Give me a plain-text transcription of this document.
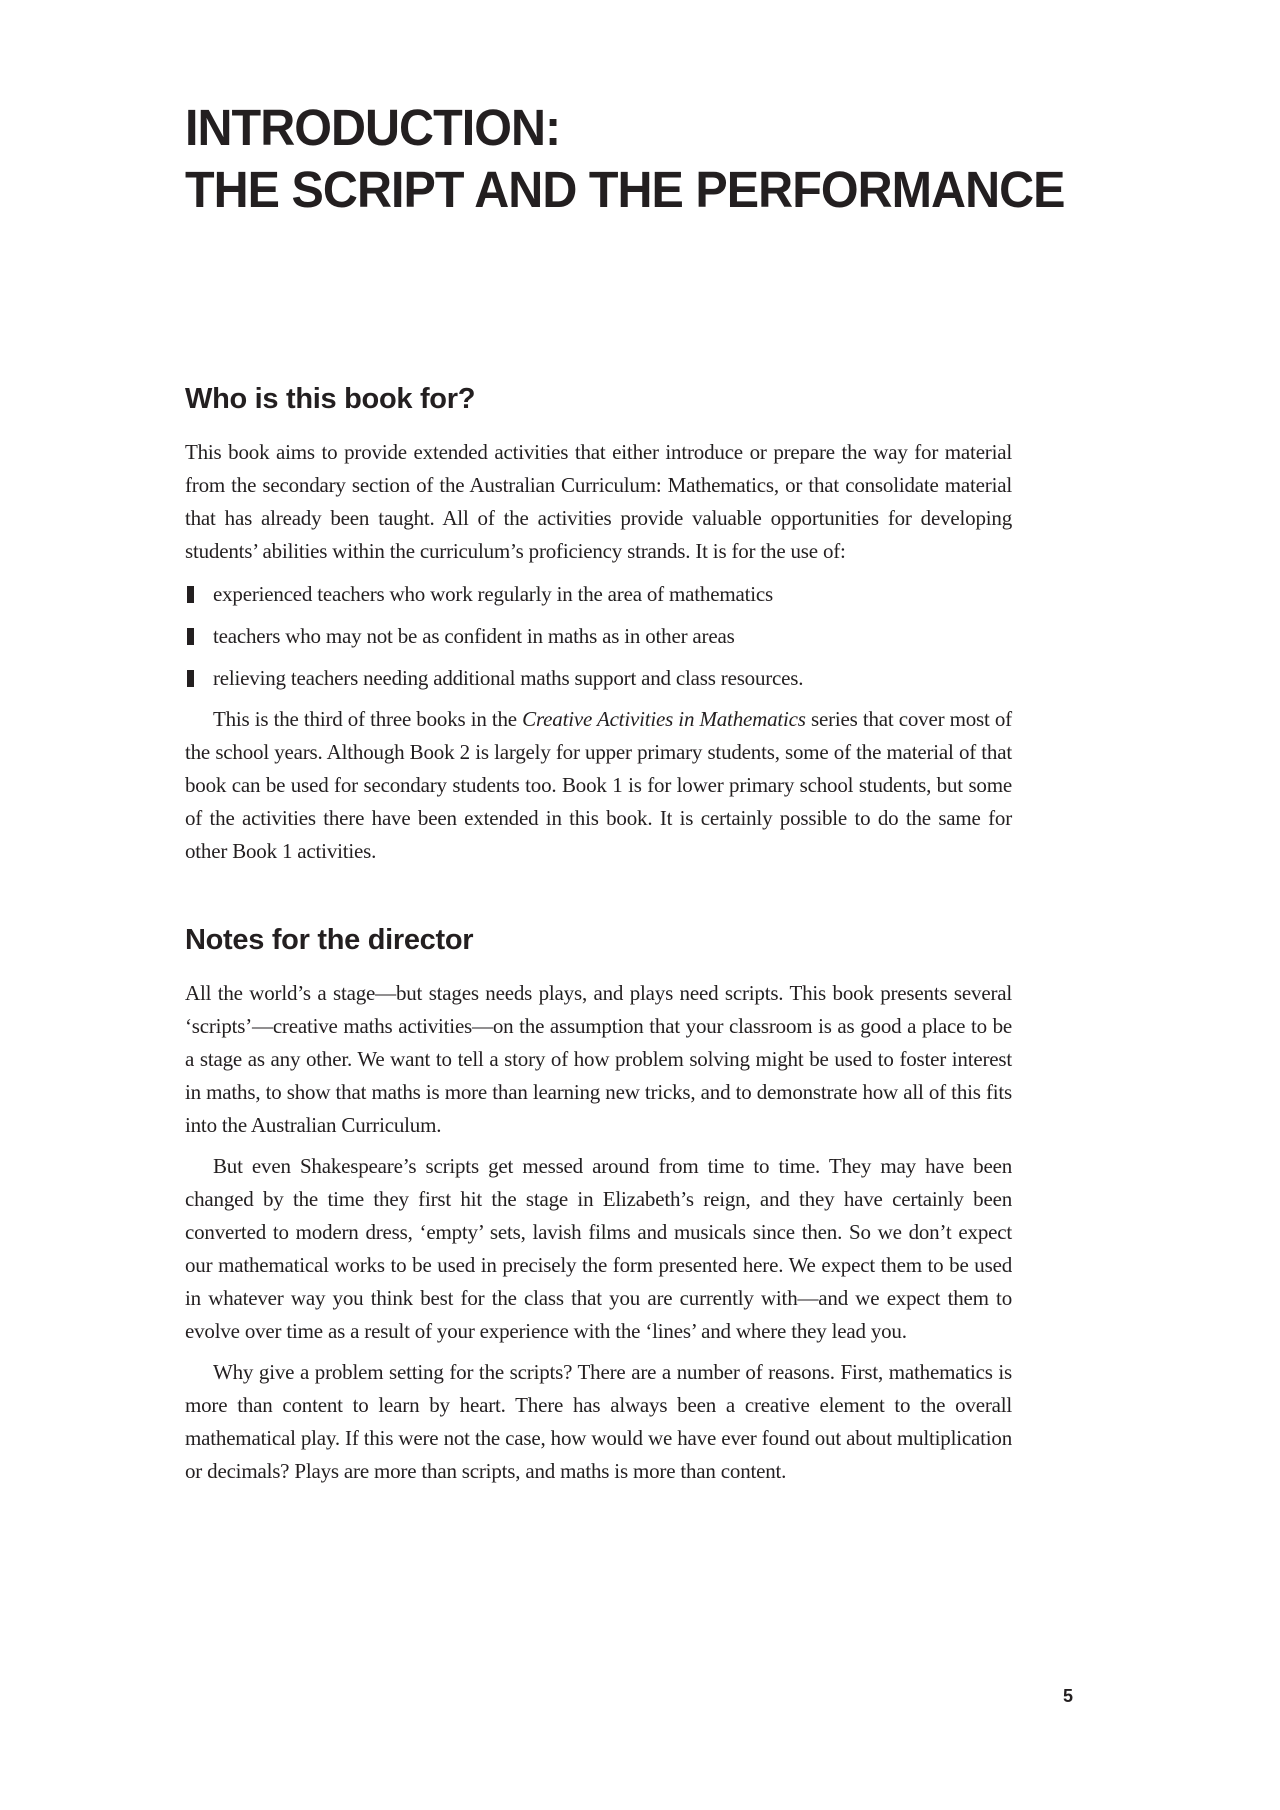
INTRODUCTION:
THE SCRIPT AND THE PERFORMANCE
Who is this book for?

This book aims to provide extended activities that either introduce or prepare the way for material from the secondary section of the Australian Curriculum: Mathematics, or that consolidate material that has already been taught. All of the activities provide valuable opportunities for developing students’ abilities within the curriculum’s proficiency strands. It is for the use of:

experienced teachers who work regularly in the area of mathematics
teachers who may not be as confident in maths as in other areas
relieving teachers needing additional maths support and class resources.

This is the third of three books in the Creative Activities in Mathematics series that cover most of the school years. Although Book 2 is largely for upper primary students, some of the material of that book can be used for secondary students too. Book 1 is for lower primary school students, but some of the activities there have been extended in this book. It is certainly possible to do the same for other Book 1 activities.

Notes for the director

All the world’s a stage—but stages needs plays, and plays need scripts. This book presents several ‘scripts’—creative maths activities—on the assumption that your classroom is as good a place to be a stage as any other. We want to tell a story of how problem solving might be used to foster interest in maths, to show that maths is more than learning new tricks, and to demonstrate how all of this fits into the Australian Curriculum.

But even Shakespeare’s scripts get messed around from time to time. They may have been changed by the time they first hit the stage in Elizabeth’s reign, and they have certainly been converted to modern dress, ‘empty’ sets, lavish films and musicals since then. So we don’t expect our mathematical works to be used in precisely the form presented here. We expect them to be used in whatever way you think best for the class that you are currently with—and we expect them to evolve over time as a result of your experience with the ‘lines’ and where they lead you.

Why give a problem setting for the scripts? There are a number of reasons. First, mathematics is more than content to learn by heart. There has always been a creative element to the overall mathematical play. If this were not the case, how would we have ever found out about multiplication or decimals? Plays are more than scripts, and maths is more than content.

5
